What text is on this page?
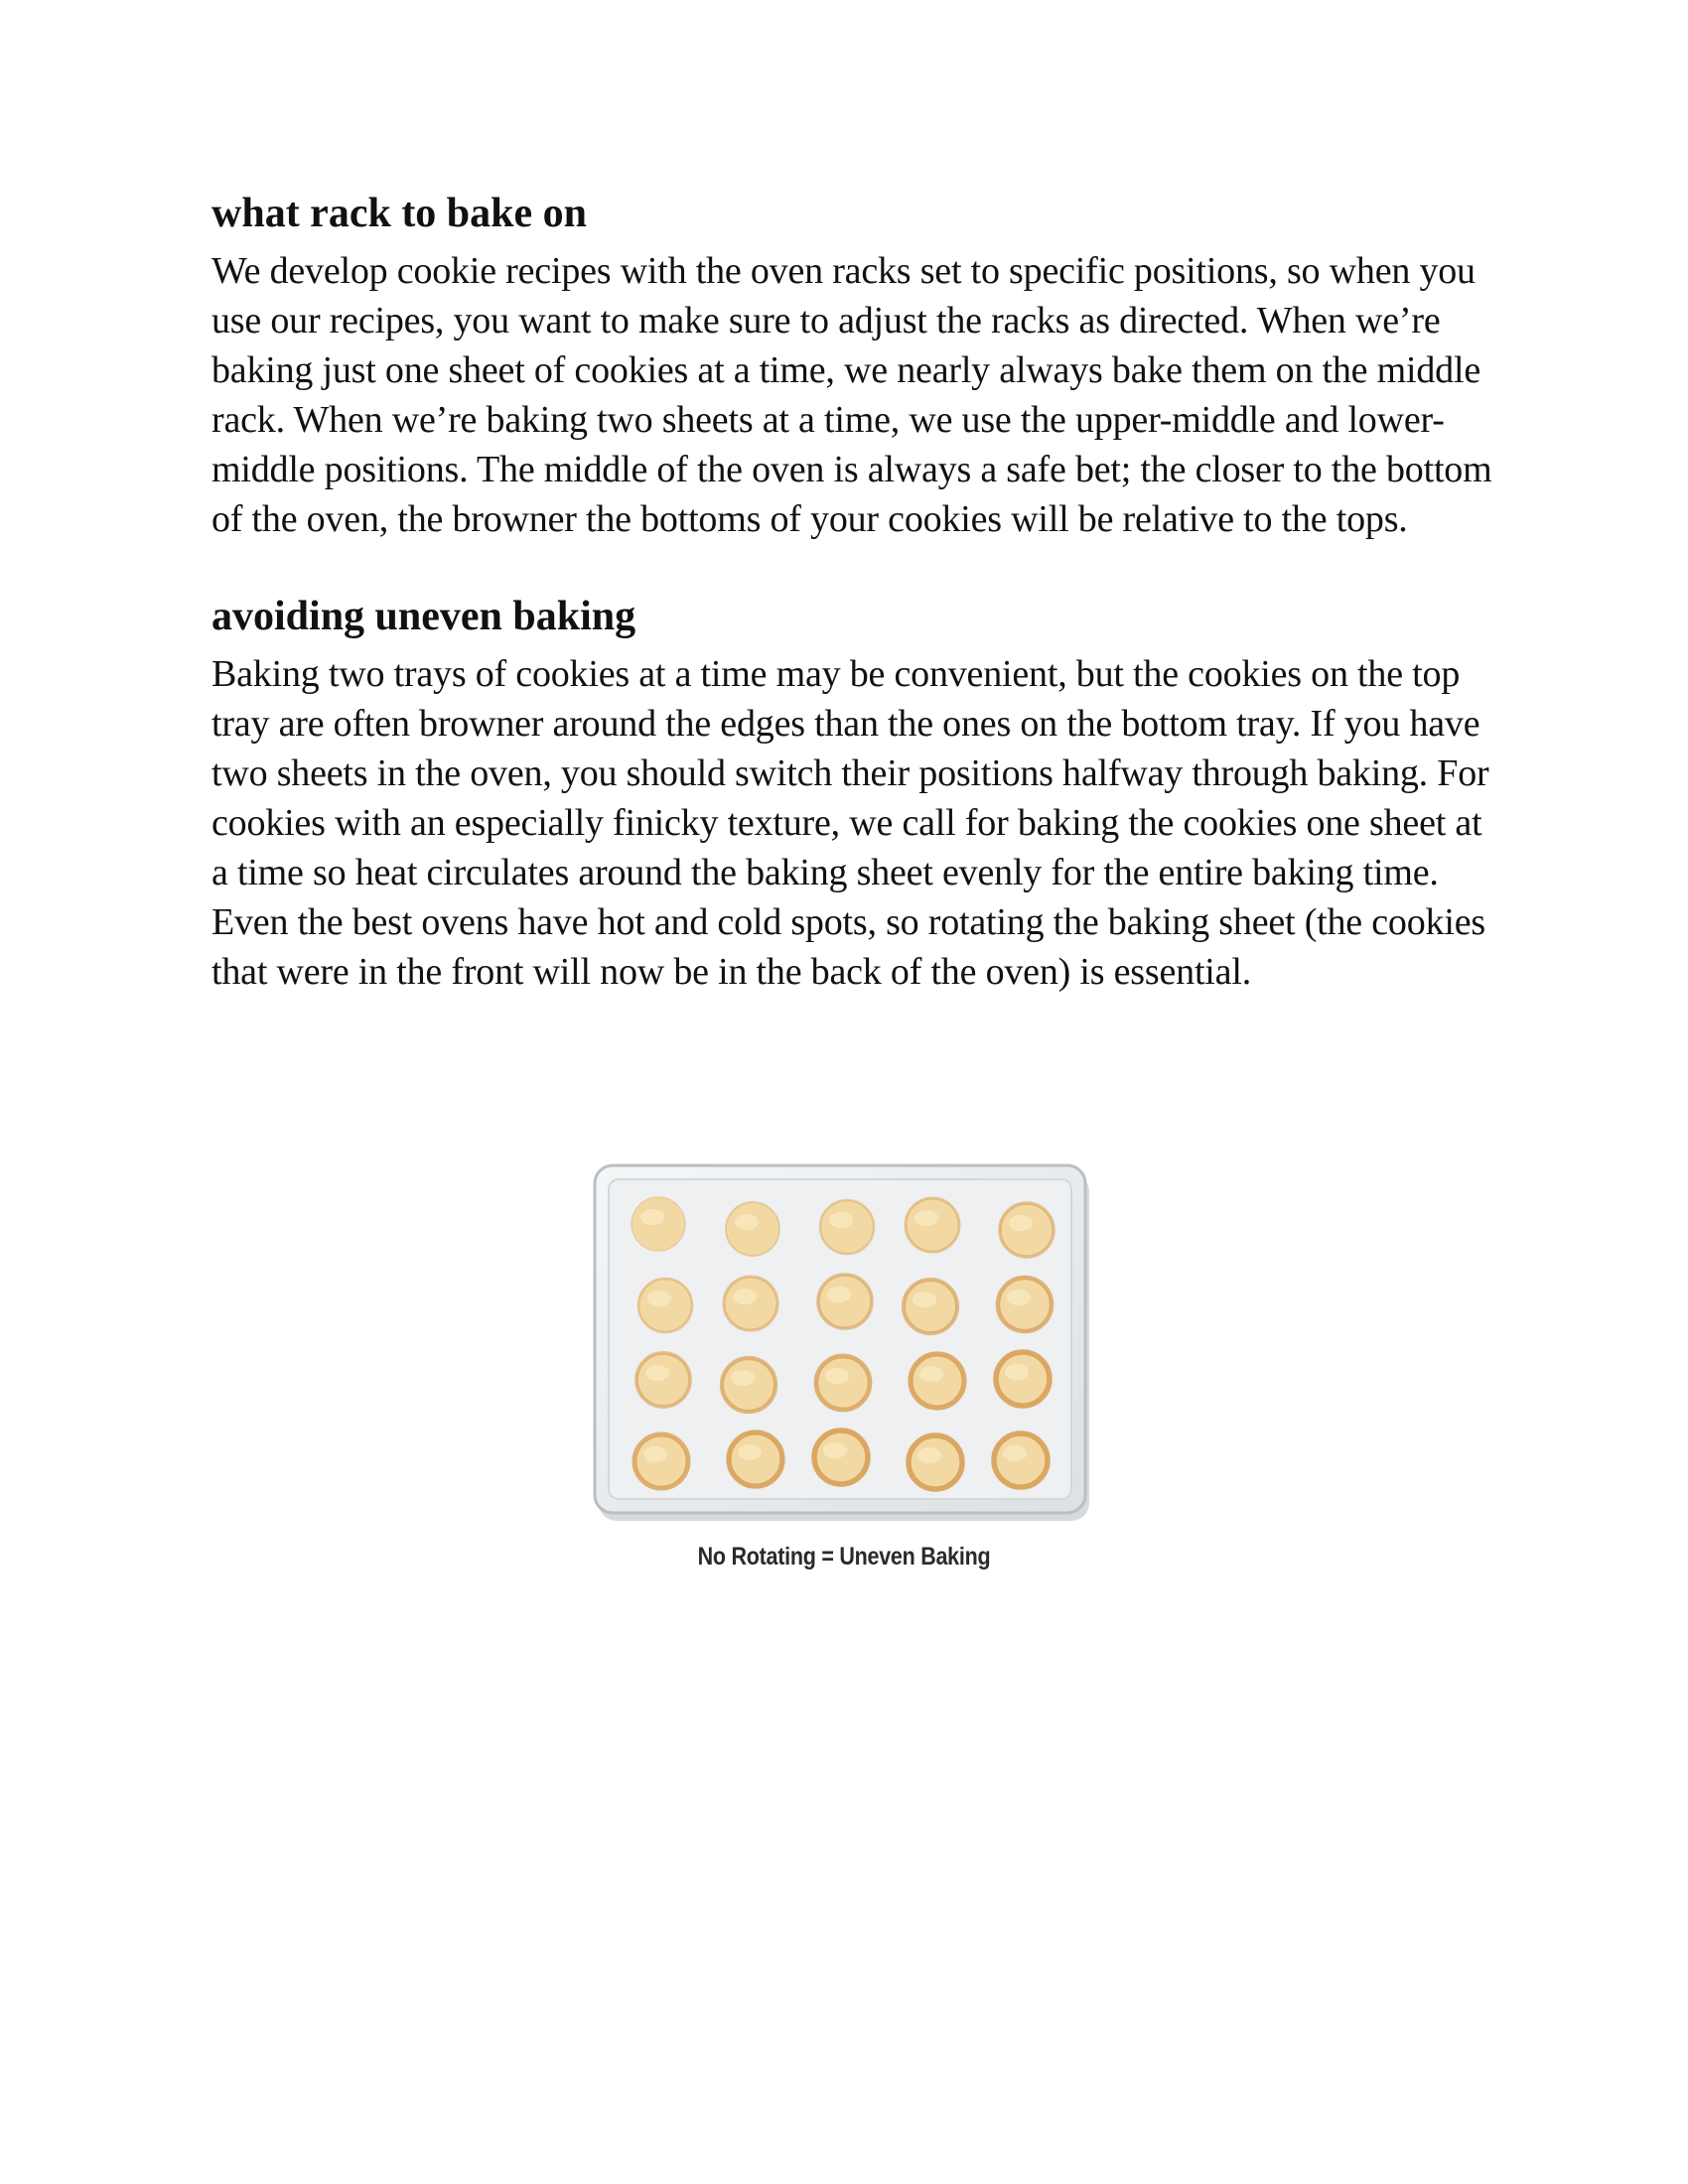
what rack to bake on

We develop cookie recipes with the oven racks set to specific positions, so when you use our recipes, you want to make sure to adjust the racks as directed. When we’re baking just one sheet of cookies at a time, we nearly always bake them on the middle rack. When we’re baking two sheets at a time, we use the upper-middle and lower-middle positions. The middle of the oven is always a safe bet; the closer to the bottom of the oven, the browner the bottoms of your cookies will be relative to the tops.

avoiding uneven baking

Baking two trays of cookies at a time may be convenient, but the cookies on the top tray are often browner around the edges than the ones on the bottom tray. If you have two sheets in the oven, you should switch their positions halfway through baking. For cookies with an especially finicky texture, we call for baking the cookies one sheet at a time so heat circulates around the baking sheet evenly for the entire baking time. Even the best ovens have hot and cold spots, so rotating the baking sheet (the cookies that were in the front will now be in the back of the oven) is essential.

No Rotating = Uneven Baking
